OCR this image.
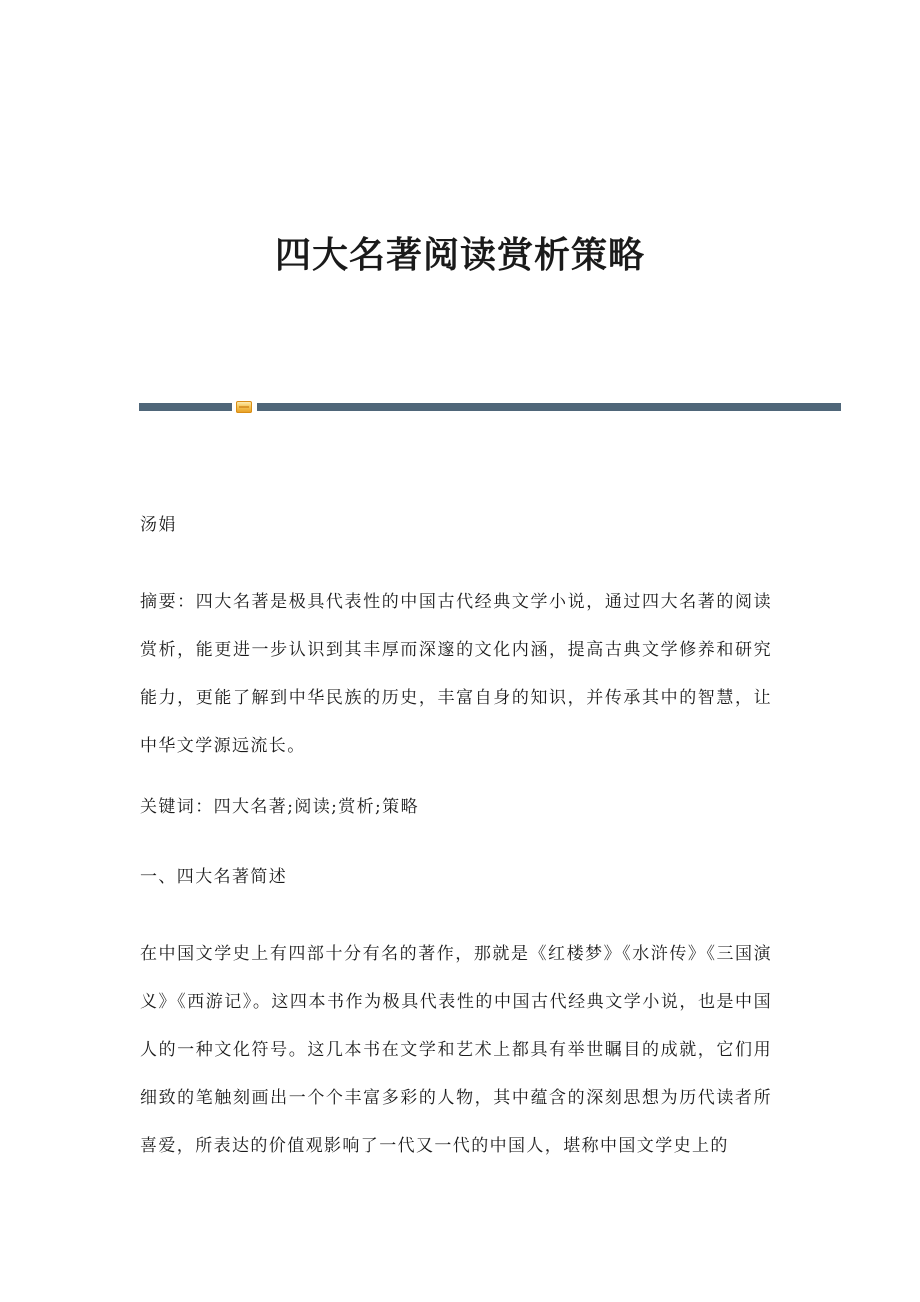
四大名著阅读赏析策略

汤娟

摘要：四大名著是极具代表性的中国古代经典文学小说，通过四大名著的阅读赏析，能更进一步认识到其丰厚而深邃的文化内涵，提高古典文学修养和研究能力，更能了解到中华民族的历史，丰富自身的知识，并传承其中的智慧，让中华文学源远流长。

关键词：四大名著;阅读;赏析;策略

一、四大名著简述

在中国文学史上有四部十分有名的著作，那就是《红楼梦》《水浒传》《三国演义》《西游记》。这四本书作为极具代表性的中国古代经典文学小说，也是中国人的一种文化符号。这几本书在文学和艺术上都具有举世瞩目的成就，它们用细致的笔触刻画出一个个丰富多彩的人物，其中蕴含的深刻思想为历代读者所喜爱，所表达的价值观影响了一代又一代的中国人，堪称中国文学史上的
